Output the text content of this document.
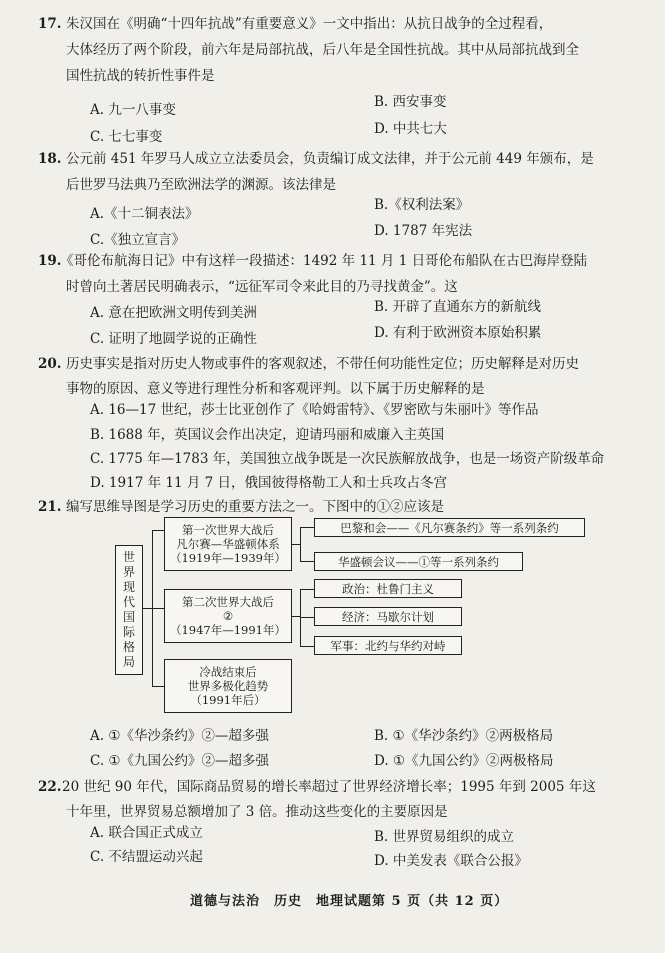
17. 朱汉国在《明确“十四年抗战”有重要意义》一文中指出：从抗日战争的全过程看，
大体经历了两个阶段，前六年是局部抗战，后八年是全国性抗战。其中从局部抗战到全
国性抗战的转折性事件是
A. 九一八事变	B. 西安事变
C. 七七事变	D. 中共七大
18. 公元前 451 年罗马人成立立法委员会，负责编订成文法律，并于公元前 449 年颁布，是
后世罗马法典乃至欧洲法学的渊源。该法律是
A.《十二铜表法》
B.《权利法案》
C.《独立宣言》
D. 1787 年宪法
19.
《哥伦布航海日记》中有这样一段描述：1492 年 11 月 1 日哥伦布船队在古巴海岸登陆
时曾向土著居民明确表示，“远征军司令来此目的乃寻找黄金”。这
A. 意在把欧洲文明传到美洲	B. 开辟了直通东方的新航线
C. 证明了地圆学说的正确性	D. 有利于欧洲资本原始积累
20. 历史事实是指对历史人物或事件的客观叙述，不带任何功能性定位；历史解释是对历史
事物的原因、意义等进行理性分析和客观评判。以下属于历史解释的是
A. 16—17 世纪，莎士比亚创作了《哈姆雷特》、《罗密欧与朱丽叶》等作品
B. 1688 年，英国议会作出决定，迎请玛丽和威廉入主英国
C. 1775 年—1783 年，美国独立战争既是一次民族解放战争，也是一场资产阶级革命
D. 1917 年 11 月 7 日，俄国彼得格勒工人和士兵攻占冬宫
21. 编写思维导图是学习历史的重要方法之一。下图中的①②应该是
世界现代国际格局
第一次世界大战后
凡尔赛—华盛顿体系
（1919年—1939年）
巴黎和会——《凡尔赛条约》等一系列条约
华盛顿会议——①等一系列条约
第二次世界大战后
②
（1947年—1991年）
政治：杜鲁门主义
经济：马歇尔计划
军事：北约与华约对峙
冷战结束后
世界多极化趋势
（1991年后）
A. ①《华沙条约》②—超多强	B. ①《华沙条约》②两极格局
C. ①《九国公约》②—超多强	D. ①《九国公约》②两极格局
22. 20 世纪 90 年代，国际商品贸易的增长率超过了世界经济增长率；1995 年到 2005 年这
十年里，世界贸易总额增加了 3 倍。推动这些变化的主要原因是
A. 联合国正式成立	B. 世界贸易组织的成立
C. 不结盟运动兴起	D. 中美发表《联合公报》
道德与法治　历史　地理试题第 5 页（共 12 页）
